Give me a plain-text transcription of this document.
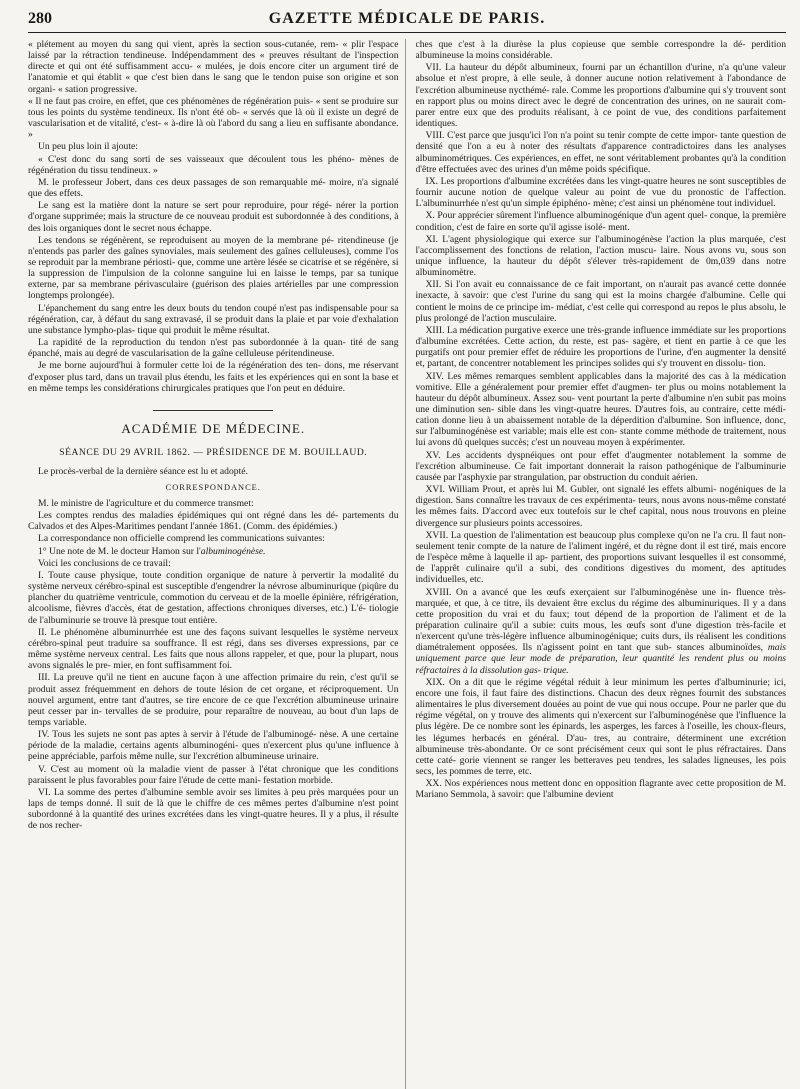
280	GAZETTE MÉDICALE DE PARIS.

« plétement au moyen du sang qui vient, après la section sous-cutanée, rem- « plir l'espace laissé par la rétraction tendineuse. Indépendamment des « preuves résultant de l'inspection directe et qui ont été suffisamment accu- « mulées, je dois encore citer un argument tiré de l'anatomie et qui établit « que c'est bien dans le sang que le tendon puise son origine et son organi- « sation progressive.

« Il ne faut pas croire, en effet, que ces phénomènes de régénération puis- « sent se produire sur tous les points du système tendineux. Ils n'ont été ob- « servés que là où il existe un degré de vascularisation et de vitalité, c'est- « à-dire là où l'abord du sang a lieu en suffisante abondance. »

Un peu plus loin il ajoute:

« C'est donc du sang sorti de ses vaisseaux que découlent tous les phéno- mènes de régénération du tissu tendineux. »

M. le professeur Jobert, dans ces deux passages de son remarquable mé- moire, n'a signalé que des effets.

Le sang est la matière dont la nature se sert pour reproduire, pour régé- nérer la portion d'organe supprimée; mais la structure de ce nouveau produit est subordonnée à des conditions, à des lois organiques dont le secret nous échappe.

Les tendons se régénèrent, se reproduisent au moyen de la membrane pé- ritendineuse (je n'entends pas parler des gaînes synoviales, mais seulement des gaînes celluleuses), comme l'os se reproduit par la membrane périosti- que, comme une artère lésée se cicatrise et se régénère, si la suppression de l'impulsion de la colonne sanguine lui en laisse le temps, par sa tunique externe, par sa membrane périvasculaire (guérison des plaies artérielles par une compression longtemps prolongée).

L'épanchement du sang entre les deux bouts du tendon coupé n'est pas indispensable pour sa régénération, car, à défaut du sang extravasé, il se produit dans la plaie et par voie d'exhalation une substance lympho-plas- tique qui produit le même résultat.

La rapidité de la reproduction du tendon n'est pas subordonnée à la quan- tité de sang épanché, mais au degré de vascularisation de la gaîne celluleuse péritendineuse.

Je me borne aujourd'hui à formuler cette loi de la régénération des ten- dons, me réservant d'exposer plus tard, dans un travail plus étendu, les faits et les expériences qui en sont la base et en même temps les considérations chirurgicales pratiques que l'on peut en déduire.

ACADÉMIE DE MÉDECINE.
SÉANCE DU 29 AVRIL 1862. — PRÉSIDENCE DE M. BOUILLAUD.

Le procès-verbal de la dernière séance est lu et adopté.

CORRESPONDANCE.

M. le ministre de l'agriculture et du commerce transmet:

Les comptes rendus des maladies épidémiques qui ont régné dans les dé- partements du Calvados et des Alpes-Maritimes pendant l'année 1861. (Comm. des épidémies.)

La correspondance non officielle comprend les communications suivantes:

1° Une note de M. le docteur Hamon sur l'albuminogénèse.

Voici les conclusions de ce travail:

I. Toute cause physique, toute condition organique de nature à pervertir la modalité du système nerveux cérébro-spinal est susceptible d'engendrer la névrose albuminurique (piqûre du plancher du quatrième ventricule, commotion du cerveau et de la moelle épinière, réfrigération, alcoolisme, fièvres d'accès, état de gestation, affections chroniques diverses, etc.) L'é- tiologie de l'albuminurie se trouve là presque tout entière.

II. Le phénomène albuminurrhée est une des façons suivant lesquelles le système nerveux cérébro-spinal peut traduire sa souffrance. Il est régi, dans ses diverses expressions, par ce même système nerveux central. Les faits que nous allons rappeler, et que, pour la plupart, nous avons signalés le pre- mier, en font suffisamment foi.

III. La preuve qu'il ne tient en aucune façon à une affection primaire du rein, c'est qu'il se produit assez fréquemment en dehors de toute lésion de cet organe, et réciproquement. Un nouvel argument, entre tant d'autres, se tire encore de ce que l'excrétion albumineuse urinaire peut cesser par in- tervalles de se produire, pour reparaître de nouveau, au bout d'un laps de temps variable.

IV. Tous les sujets ne sont pas aptes à servir à l'étude de l'albuminogé- nèse. A une certaine période de la maladie, certains agents albuminogéni- ques n'exercent plus qu'une influence à peine appréciable, parfois même nulle, sur l'excrétion albumineuse urinaire.

V. C'est au moment où la maladie vient de passer à l'état chronique que les conditions paraissent le plus favorables pour faire l'étude de cette mani- festation morbide.

VI. La somme des pertes d'albumine semble avoir ses limites à peu près marquées pour un laps de temps donné. Il suit de là que le chiffre de ces mêmes pertes d'albumine n'est point subordonné à la quantité des urines excrétées dans les vingt-quatre heures. Il y a plus, il résulte de nos recher-

ches que c'est à la diurèse la plus copieuse que semble correspondre la dé- perdition albumineuse la moins considérable.

VII. La hauteur du dépôt albumineux, fourni par un échantillon d'urine, n'a qu'une valeur absolue et n'est propre, à elle seule, à donner aucune notion relativement à l'abondance de l'excrétion albumineuse nycthémé- rale. Comme les proportions d'albumine qui s'y trouvent sont en rapport plus ou moins direct avec le degré de concentration des urines, on ne saurait com- parer entre eux que des produits réalisant, à ce point de vue, des conditions parfaitement identiques.

VIII. C'est parce que jusqu'ici l'on n'a point su tenir compte de cette impor- tante question de densité que l'on a eu à noter des résultats d'apparence contradictoires dans les analyses albuminométriques. Ces expériences, en effet, ne sont véritablement probantes qu'à la condition d'être effectuées avec des urines d'un même poids spécifique.

IX. Les proportions d'albumine excrétées dans les vingt-quatre heures ne sont susceptibles de fournir aucune notion de quelque valeur au point de vue du pronostic de l'affection. L'albuminurrhée n'est qu'un simple épiphéno- mène; c'est ainsi un phénomène tout individuel.

X. Pour apprécier sûrement l'influence albuminogénique d'un agent quel- conque, la première condition, c'est de faire en sorte qu'il agisse isolé- ment.

XI. L'agent physiologique qui exerce sur l'albuminogénèse l'action la plus marquée, c'est l'accomplissement des fonctions de relation, l'action muscu- laire. Nous avons vu, sous son unique influence, la hauteur du dépôt s'élever très-rapidement de 0m,039 dans notre albuminomètre.

XII. Si l'on avait eu connaissance de ce fait important, on n'aurait pas avancé cette donnée inexacte, à savoir: que c'est l'urine du sang qui est la moins chargée d'albumine. Celle qui contient le moins de ce principe im- médiat, c'est celle qui correspond au repos le plus absolu, le plus prolongé de l'action musculaire.

XIII. La médication purgative exerce une très-grande influence immédiate sur les proportions d'albumine excrétées. Cette action, du reste, est pas- sagère, et tient en partie à ce que les purgatifs ont pour premier effet de réduire les proportions de l'urine, d'en augmenter la densité et, partant, de concentrer notablement les principes solides qui s'y trouvent en dissolu- tion.

XIV. Les mêmes remarques semblent applicables dans la majorité des cas à la médication vomitive. Elle a généralement pour premier effet d'augmen- ter plus ou moins notablement la hauteur du dépôt albumineux. Assez sou- vent pourtant la perte d'albumine n'en subit pas moins une diminution sen- sible dans les vingt-quatre heures. D'autres fois, au contraire, cette médi- cation donne lieu à un abaissement notable de la déperdition d'albumine. Son influence, donc, sur l'albuminogénèse est variable; mais elle est con- stante comme méthode de traitement, nous lui avons dû quelques succès; c'est un nouveau moyen à expérimenter.

XV. Les accidents dyspnéiques ont pour effet d'augmenter notablement la somme de l'excrétion albumineuse. Ce fait important donnerait la raison pathogénique de l'albuminurie causée par l'asphyxie par strangulation, par obstruction du conduit aérien.

XVI. William Prout, et après lui M. Gubler, ont signalé les effets albumi- nogéniques de la digestion. Sans connaître les travaux de ces expérimenta- teurs, nous avons nous-même constaté les mêmes faits. D'accord avec eux toutefois sur le chef capital, nous nous trouvons en pleine divergence sur plusieurs points accessoires.

XVII. La question de l'alimentation est beaucoup plus complexe qu'on ne l'a cru. Il faut non-seulement tenir compte de la nature de l'aliment ingéré, et du règne dont il est tiré, mais encore de l'espèce même à laquelle il ap- partient, des proportions suivant lesquelles il est consommé, de l'apprêt culinaire qu'il a subi, des conditions digestives du moment, des aptitudes individuelles, etc.

XVIII. On a avancé que les œufs exerçaient sur l'albuminogénèse une in- fluence très-marquée, et que, à ce titre, ils devaient être exclus du régime des albuminuriques. Il y a dans cette proposition du vrai et du faux; tout dépend de la proportion de l'aliment et de la préparation culinaire qu'il a subie: cuits mous, les œufs sont d'une digestion très-facile et n'exercent qu'une très-légère influence albuminogénique; cuits durs, ils réalisent les conditions diamétralement opposées. Ils n'agissent point en tant que sub- stances albuminoïdes, mais uniquement parce que leur mode de préparation, leur quantité les rendent plus ou moins réfractaires à la dissolution gas- trique.

XIX. On a dit que le régime végétal réduit à leur minimum les pertes d'albuminurie; ici, encore une fois, il faut faire des distinctions. Chacun des deux règnes fournit des substances alimentaires le plus diversement douées au point de vue qui nous occupe. Pour ne parler que du régime végétal, on y trouve des aliments qui n'exercent sur l'albuminogénèse que l'influence la plus légère. De ce nombre sont les épinards, les asperges, les farces à l'oseille, les choux-fleurs, les légumes herbacés en général. D'au- tres, au contraire, déterminent une excrétion albumineuse très-abondante. Or ce sont précisément ceux qui sont le plus réfractaires. Dans cette caté- gorie viennent se ranger les betteraves peu tendres, les salades ligneuses, les pois secs, les pommes de terre, etc.

XX. Nos expériences nous mettent donc en opposition flagrante avec cette proposition de M. Mariano Semmola, à savoir: que l'albumine devient
